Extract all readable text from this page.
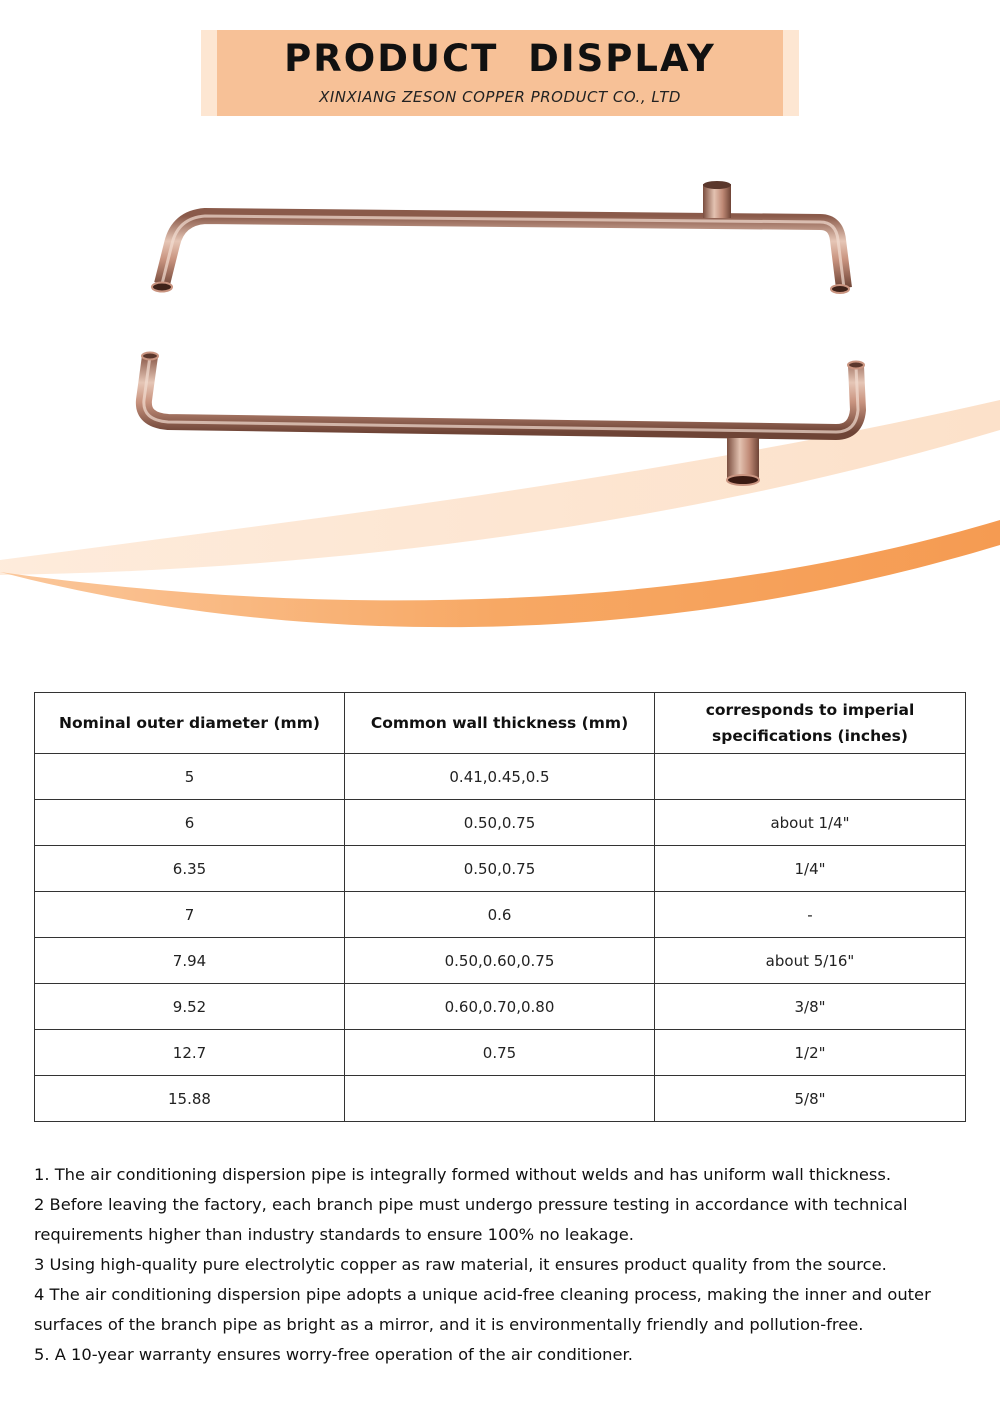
PRODUCT  DISPLAY
XINXIANG ZESON COPPER PRODUCT CO., LTD
Nominal outer diameter (mm)	Common wall thickness (mm)	corresponds to imperial specifications (inches)
5	0.41,0.45,0.5	
6	0.50,0.75	about 1/4"
6.35	0.50,0.75	1/4"
7	0.6	-
7.94	0.50,0.60,0.75	about 5/16"
9.52	0.60,0.70,0.80	3/8"
12.7	0.75	1/2"
15.88		5/8"

1. The air conditioning dispersion pipe is integrally formed without welds and has uniform wall thickness.

2 Before leaving the factory, each branch pipe must undergo pressure testing in accordance with technical requirements higher than industry standards to ensure 100% no leakage.

3 Using high-quality pure electrolytic copper as raw material, it ensures product quality from the source.

4 The air conditioning dispersion pipe adopts a unique acid-free cleaning process, making the inner and outer surfaces of the branch pipe as bright as a mirror, and it is environmentally friendly and pollution-free.

5. A 10-year warranty ensures worry-free operation of the air conditioner.
